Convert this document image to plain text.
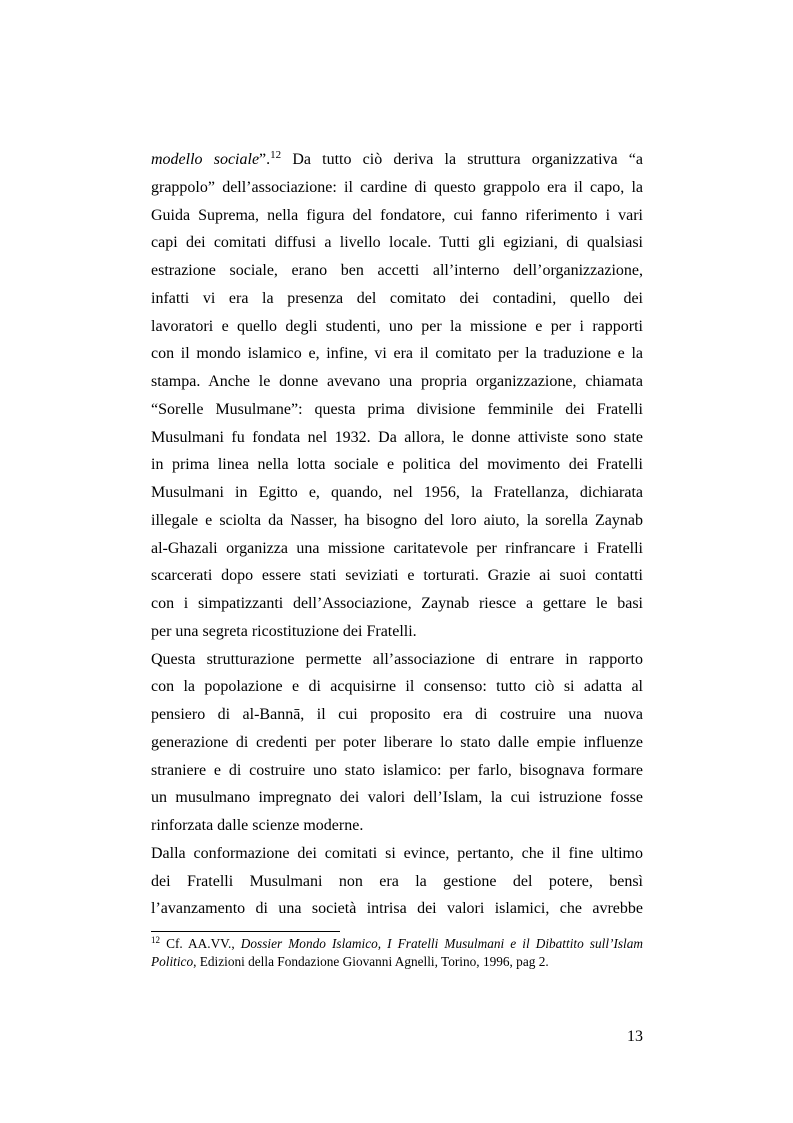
modello sociale”.$^{12}$ Da tutto ciò deriva la struttura organizzativa “a
grappolo” dell’associazione: il cardine di questo grappolo era il capo, la
Guida Suprema, nella figura del fondatore, cui fanno riferimento i vari
capi dei comitati diffusi a livello locale. Tutti gli egiziani, di qualsiasi
estrazione sociale, erano ben accetti all’interno dell’organizzazione,
infatti vi era la presenza del comitato dei contadini, quello dei
lavoratori e quello degli studenti, uno per la missione e per i rapporti
con il mondo islamico e, infine, vi era il comitato per la traduzione e la
stampa. Anche le donne avevano una propria organizzazione, chiamata
“Sorelle Musulmane”: questa prima divisione femminile dei Fratelli
Musulmani fu fondata nel 1932. Da allora, le donne attiviste sono state
in prima linea nella lotta sociale e politica del movimento dei Fratelli
Musulmani in Egitto e, quando, nel 1956, la Fratellanza, dichiarata
illegale e sciolta da Nasser, ha bisogno del loro aiuto, la sorella Zaynab
al-Ghazali organizza una missione caritatevole per rinfrancare i Fratelli
scarcerati dopo essere stati seviziati e torturati. Grazie ai suoi contatti
con i simpatizzanti dell’Associazione, Zaynab riesce a gettare le basi
per una segreta ricostituzione dei Fratelli.
Questa strutturazione permette all’associazione di entrare in rapporto
con la popolazione e di acquisirne il consenso: tutto ciò si adatta al
pensiero di al-Bannā, il cui proposito era di costruire una nuova
generazione di credenti per poter liberare lo stato dalle empie influenze
straniere e di costruire uno stato islamico: per farlo, bisognava formare
un musulmano impregnato dei valori dell’Islam, la cui istruzione fosse
rinforzata dalle scienze moderne.
Dalla conformazione dei comitati si evince, pertanto, che il fine ultimo
dei Fratelli Musulmani non era la gestione del potere, bensì
l’avanzamento di una società intrisa dei valori islamici, che avrebbe
$^{12}$ Cf. AA.VV., Dossier Mondo Islamico, I Fratelli Musulmani e il Dibattito sull’Islam
Politico, Edizioni della Fondazione Giovanni Agnelli, Torino, 1996, pag 2.
13
